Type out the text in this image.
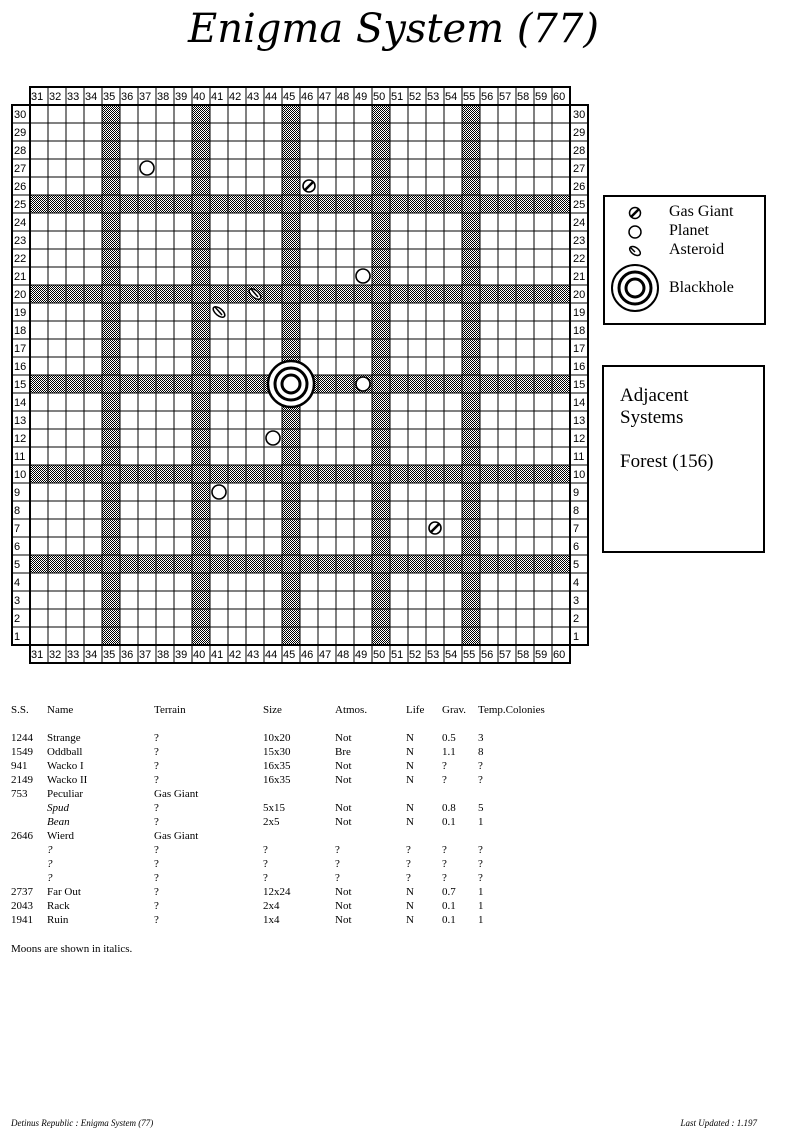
Enigma System (77)
31
31
32
32
33
33
34
34
35
35
36
36
37
37
38
38
39
39
40
40
41
41
42
42
43
43
44
44
45
45
46
46
47
47
48
48
49
49
50
50
51
51
52
52
53
53
54
54
55
55
56
56
57
57
58
58
59
59
60
60
30	30
29	29
28	28
27	27
26	26
25	25
24	24
23	23
22	22
21	21
20	20
19	19
18	18
17	17
16	16
15	15
14	14
13	13
12	12
11	11
10	10
9	9
8	8
7	7
6	6
5	5
4	4
3	3
2	2
1	1
Gas Giant
Planet
Asteroid
Blackhole
Adjacent
Systems
Forest (156)
S.S.	Name	Terrain	Size	Atmos.	Life	Grav.	Temp.Colonies

1244	Strange	?	10x20	Not	N	0.5	3
1549	Oddball	?	15x30	Bre	N	1.1	8
941	Wacko I	?	16x35	Not	N	?	?
2149	Wacko II	?	16x35	Not	N	?	?
753	Peculiar	Gas Giant					
	Spud	?	5x15	Not	N	0.8	5
	Bean	?	2x5	Not	N	0.1	1
2646	Wierd	Gas Giant					
	?	?	?	?	?	?	?
	?	?	?	?	?	?	?
	?	?	?	?	?	?	?
2737	Far Out	?	12x24	Not	N	0.7	1
2043	Rack	?	2x4	Not	N	0.1	1
1941	Ruin	?	1x4	Not	N	0.1	1
Moons are shown in italics.
Detinus Republic : Enigma System (77)	Last Updated : 1.197
